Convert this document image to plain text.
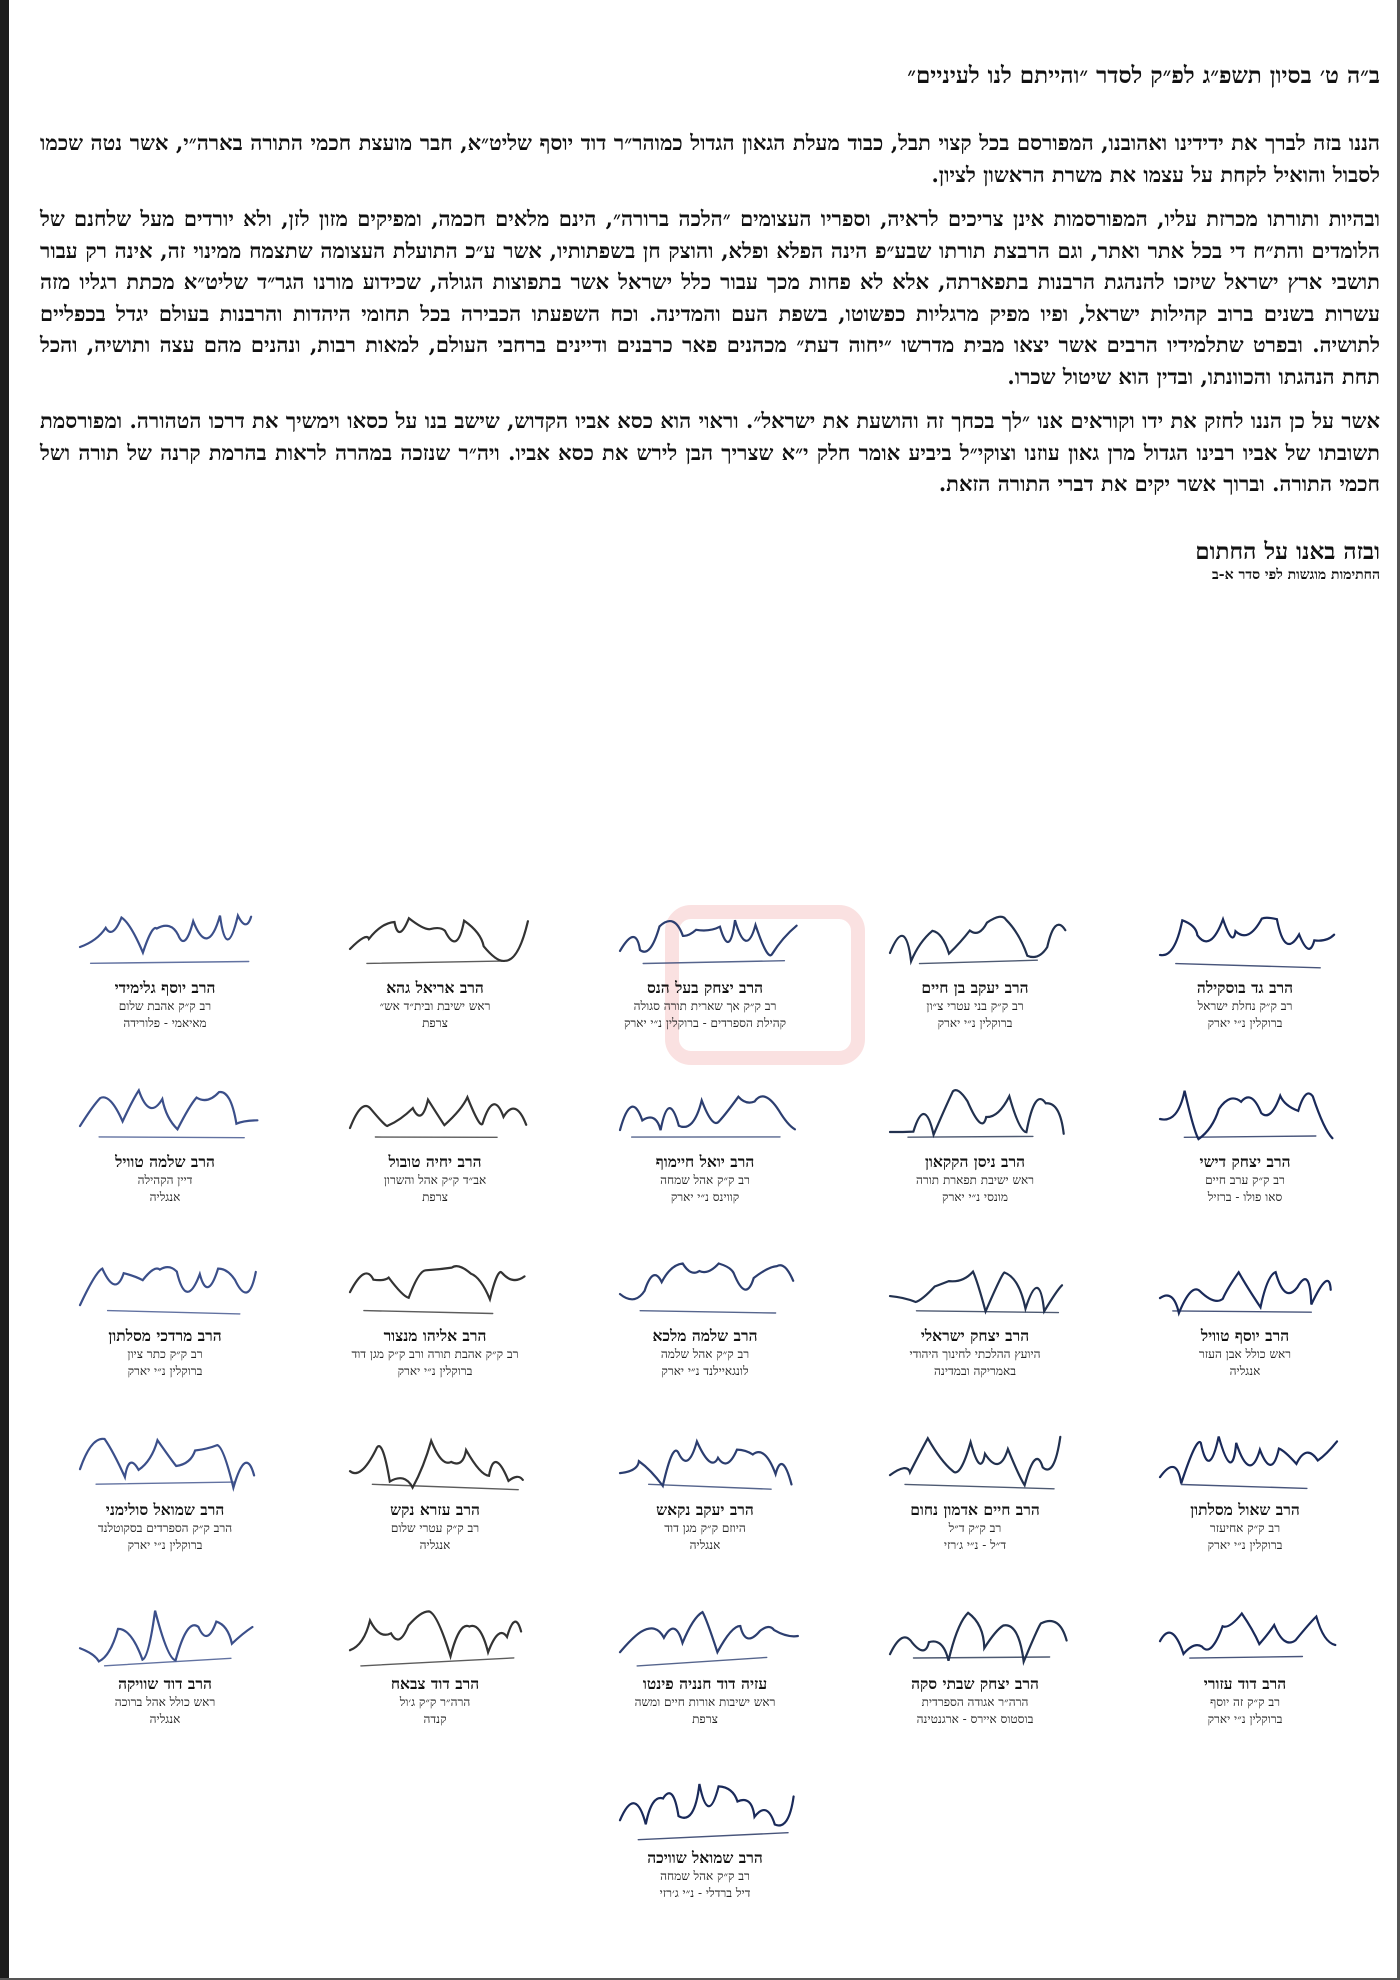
ב״ה ט׳ בסיון תשפ״ג לפ״ק לסדר ״והייתם לנו לעיניים״

הננו בזה לברך את ידידינו ואהובנו, המפורסם בכל קצוי תבל, כבוד מעלת הגאון הגדול כמוהר״ר דוד יוסף שליט״א, חבר מועצת חכמי התורה בארה״י, אשר נטה שכמו לסבול והואיל לקחת על עצמו את משרת הראשון לציון.

ובהיות ותורתו מכרזת עליו, המפורסמות אינן צריכים לראיה, וספריו העצומים ״הלכה ברורה״, הינם מלאים חכמה, ומפיקים מזון לזן, ולא יורדים מעל שלחנם של הלומדים והת״ח די בכל אתר ואתר, וגם הרבצת תורתו שבע״פ הינה הפלא ופלא, והוצק חן בשפתותיו, אשר ע״כ התועלת העצומה שתצמח ממינוי זה, אינה רק עבור תושבי ארץ ישראל שיזכו להנהגת הרבנות בתפארתה, אלא לא פחות מכך עבור כלל ישראל אשר בתפוצות הגולה, שכידוע מורנו הגר״ד שליט״א מכתת רגליו מזה עשרות בשנים ברוב קהילות ישראל, ופיו מפיק מרגליות כפשוטו, בשפת העם והמדינה. וכח השפעתו הכבירה בכל תחומי היהדות והרבנות בעולם יגדל בכפליים לתושיה. ובפרט שתלמידיו הרבים אשר יצאו מבית מדרשו ״יחוה דעת״ מכהנים פאר כרבנים ודיינים ברחבי העולם, למאות רבות, ונהנים מהם עצה ותושיה, והכל תחת הנהגתו והכוונתו, ובדין הוא שיטול שכרו.

אשר על כן הננו לחזק את ידו וקוראים אנו ״לך בכחך זה והושעת את ישראל״. וראוי הוא כסא אביו הקדוש, שישב בנו על כסאו וימשיך את דרכו הטהורה. ומפורסמת תשובתו של אביו רבינו הגדול מרן גאון עוזנו וצוקי״ל ביביע אומר חלק י״א שצריך הבן לירש את כסא אביו. ויה״ר שנזכה במהרה לראות בהרמת קרנה של תורה ושל חכמי התורה. וברוך אשר יקים את דברי התורה הזאת.

ובזה באנו על החתום

החתימות מוגשות לפי סדר א-ב

הרב גד בוסקילה
רב ק״ק נחלת ישראל
ברוקלין נ״י יארק
הרב יעקב בן חיים
רב ק״ק בני עטרי צ״ון
ברוקלין נ״י יארק
הרב יצחק בעל הנס
רב ק״ק אך שארית תורה סגולה
קהילת הספרדים - ברוקלין נ״י יארק
הרב אריאל גהא
ראש ישיבת ובית״ד אש״
צרפת
הרב יוסף גלימידי
רב ק״ק אהבת שלום
מאיאמי - פלורידה
הרב יצחק דישי
רב ק״ק ערב חיים
סאו פולו - ברזיל
הרב ניסן הקקאון
ראש ישיבת תפארת תורה
מונסי נ״י יארק
הרב יואל חיימוף
רב ק״ק אהל שמחה
קווינס נ״י יארק
הרב יחיה טובול
אב״ד ק״ק אהל והשרון
צרפת
הרב שלמה טוויל
דיין הקהילה
אנגליה
הרב יוסף טוויל
ראש כולל אבן העזר
אנגליה
הרב יצחק ישראלי
היועץ ההלכתי לחינוך היהודי
באמריקה ובמדינה
הרב שלמה מלכא
רב ק״ק אהל שלמה
לונגאיילנד נ״י יארק
הרב אליהו מנצור
רב ק״ק אהבת תורה ורב ק״ק מגן דוד
ברוקלין נ״י יארק
הרב מרדכי מסלתון
רב ק״ק כתר ציון
ברוקלין נ״י יארק
הרב שאול מסלתון
רב ק״ק אחיעזר
ברוקלין נ״י יארק
הרב חיים אדמון נחום
רב ק״ק ד״ל
ד״ל - נ״י ג׳רזי
הרב יעקב נקאש
היוזם ק״ק מגן דוד
אנגליה
הרב עזרא נקש
רב ק״ק עטרי שלום
אנגליה
הרב שמואל סולימני
הרב ק״ק הספרדים בסקוטלנד
ברוקלין נ״י יארק
הרב דוד עזורי
רב ק״ק זה יוסף
ברוקלין נ״י יארק
הרב יצחק שבתי סקה
הרה״ר אגודה הספרדית
בוסטוס איירס - ארגנטינה
עזיה דוד חנניה פינטו
ראש ישיבות אורות חיים ומשה
צרפת
הרב דוד צבאח
הרה״ר ק״ק ג׳ול
קנדה
הרב דוד שוויקה
ראש כולל אהל ברוכה
אנגליה
הרב שמואל שוויכה
רב ק״ק אהל שמחה
דיל ברדלי - נ״י ג׳רזי
